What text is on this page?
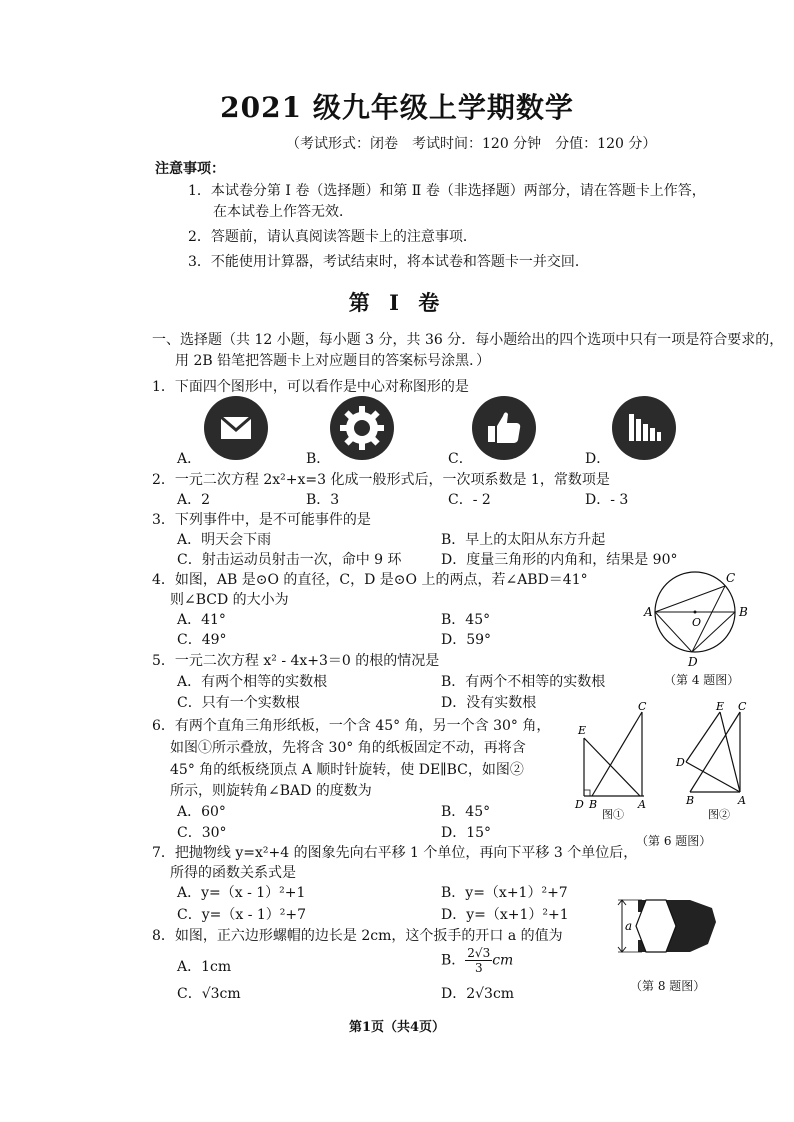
2021 级九年级上学期数学
（考试形式：闭卷　考试时间：120 分钟　分值：120 分）
注意事项：
1．本试卷分第 Ⅰ 卷（选择题）和第 Ⅱ 卷（非选择题）两部分，请在答题卡上作答，
在本试卷上作答无效．
2．答题前，请认真阅读答题卡上的注意事项．
3．不能使用计算器，考试结束时，将本试卷和答题卡一并交回．
第 Ⅰ 卷
一、选择题（共 12 小题，每小题 3 分，共 36 分．每小题给出的四个选项中只有一项是符合要求的，
用 2B 铅笔把答题卡上对应题目的答案标号涂黑．）
1．下面四个图形中，可以看作是中心对称图形的是
A．	B．	C．	D．
2．一元二次方程 2x²+x=3 化成一般形式后，一次项系数是 1，常数项是
A．2	B．3	C．- 2	D．- 3
3．下列事件中，是不可能事件的是
A．明天会下雨	B．早上的太阳从东方升起
C．射击运动员射击一次，命中 9 环	D．度量三角形的内角和，结果是 90°
4．如图，AB 是⊙O 的直径，C，D 是⊙O 上的两点，若∠ABD＝41°
则∠BCD 的大小为
A．41°	B．45°
C．49°	D．59°
A	B
C
D
O
（第 4 题图）
5．一元二次方程 x² - 4x+3＝0 的根的情况是
A．有两个相等的实数根	B．有两个不相等的实数根
C．只有一个实数根	D．没有实数根
6．有两个直角三角形纸板，一个含 45° 角，另一个含 30° 角，
如图①所示叠放，先将含 30° 角的纸板固定不动，再将含
45° 角的纸板绕顶点 A 顺时针旋转，使 DE∥BC，如图②
所示，则旋转角∠BAD 的度数为
A．60°	B．45°
C．30°	D．15°
E
C
D B	A
图①
E C
D
B	A
图②
（第 6 题图）
7．把抛物线 y=x²+4 的图象先向右平移 1 个单位，再向下平移 3 个单位后，
所得的函数关系式是
A．y=（x - 1）²+1	B．y=（x+1）²+7
C．y=（x - 1）²+7	D．y=（x+1）²+1
8．如图，正六边形螺帽的边长是 2cm，这个扳手的开口 a 的值为
A．1cm	B． $\frac{2√3}{3}$ cm
C．√3cm	D．2√3cm
a
（第 8 题图）
第1页（共4页）
